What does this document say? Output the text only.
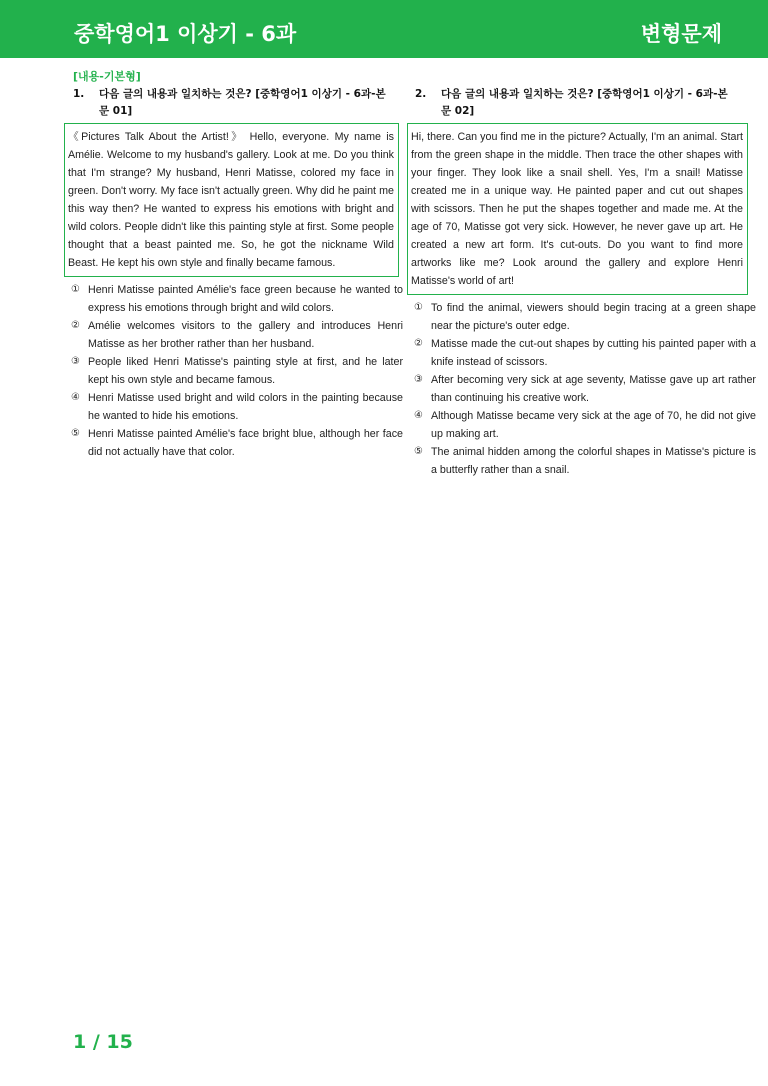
중학영어1 이상기 - 6과	변형문제
[내용-기본형]
1.	다음 글의 내용과 일치하는 것은? [중학영어1 이상기 - 6과-본문 01]
《Pictures Talk About the Artist!》 Hello, everyone. My name is Amélie. Welcome to my husband's gallery. Look at me. Do you think that I'm strange? My husband, Henri Matisse, colored my face in green. Don't worry. My face isn't actually green. Why did he paint me this way then? He wanted to express his emotions with bright and wild colors. People didn't like this painting style at first. Some people thought that a beast painted me. So, he got the nickname Wild Beast. He kept his own style and finally became famous.
① Henri Matisse painted Amélie's face green because he wanted to express his emotions through bright and wild colors.
② Amélie welcomes visitors to the gallery and introduces Henri Matisse as her brother rather than her husband.
③ People liked Henri Matisse's painting style at first, and he later kept his own style and became famous.
④ Henri Matisse used bright and wild colors in the painting because he wanted to hide his emotions.
⑤ Henri Matisse painted Amélie's face bright blue, although her face did not actually have that color.
2.	다음 글의 내용과 일치하는 것은? [중학영어1 이상기 - 6과-본문 02]
Hi, there. Can you find me in the picture? Actually, I'm an animal. Start from the green shape in the middle. Then trace the other shapes with your finger. They look like a snail shell. Yes, I'm a snail! Matisse created me in a unique way. He painted paper and cut out shapes with scissors. Then he put the shapes together and made me. At the age of 70, Matisse got very sick. However, he never gave up art. He created a new art form. It's cut-outs. Do you want to find more artworks like me? Look around the gallery and explore Henri Matisse's world of art!
① To find the animal, viewers should begin tracing at a green shape near the picture's outer edge.
② Matisse made the cut-out shapes by cutting his painted paper with a knife instead of scissors.
③ After becoming very sick at age seventy, Matisse gave up art rather than continuing his creative work.
④ Although Matisse became very sick at the age of 70, he did not give up making art.
⑤ The animal hidden among the colorful shapes in Matisse's picture is a butterfly rather than a snail.
1 / 15
